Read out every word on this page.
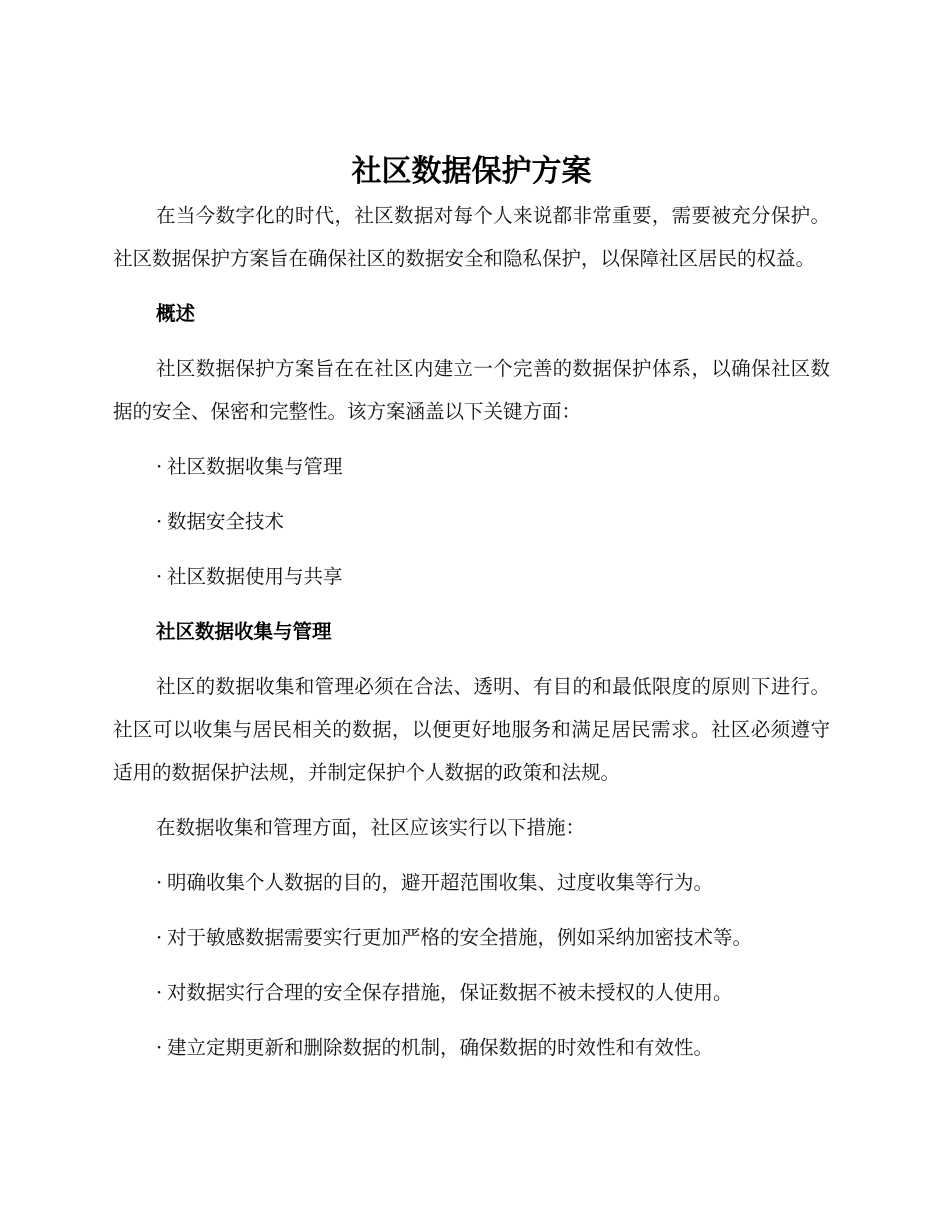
社区数据保护方案

在当今数字化的时代，社区数据对每个人来说都非常重要，需要被充分保护。社区数据保护方案旨在确保社区的数据安全和隐私保护，以保障社区居民的权益。

概述

社区数据保护方案旨在在社区内建立一个完善的数据保护体系，以确保社区数据的安全、保密和完整性。该方案涵盖以下关键方面：

· 社区数据收集与管理
· 数据安全技术
· 社区数据使用与共享
社区数据收集与管理

社区的数据收集和管理必须在合法、透明、有目的和最低限度的原则下进行。社区可以收集与居民相关的数据，以便更好地服务和满足居民需求。社区必须遵守适用的数据保护法规，并制定保护个人数据的政策和法规。

在数据收集和管理方面，社区应该实行以下措施：

· 明确收集个人数据的目的，避开超范围收集、过度收集等行为。
· 对于敏感数据需要实行更加严格的安全措施，例如采纳加密技术等。
· 对数据实行合理的安全保存措施，保证数据不被未授权的人使用。
· 建立定期更新和删除数据的机制，确保数据的时效性和有效性。
